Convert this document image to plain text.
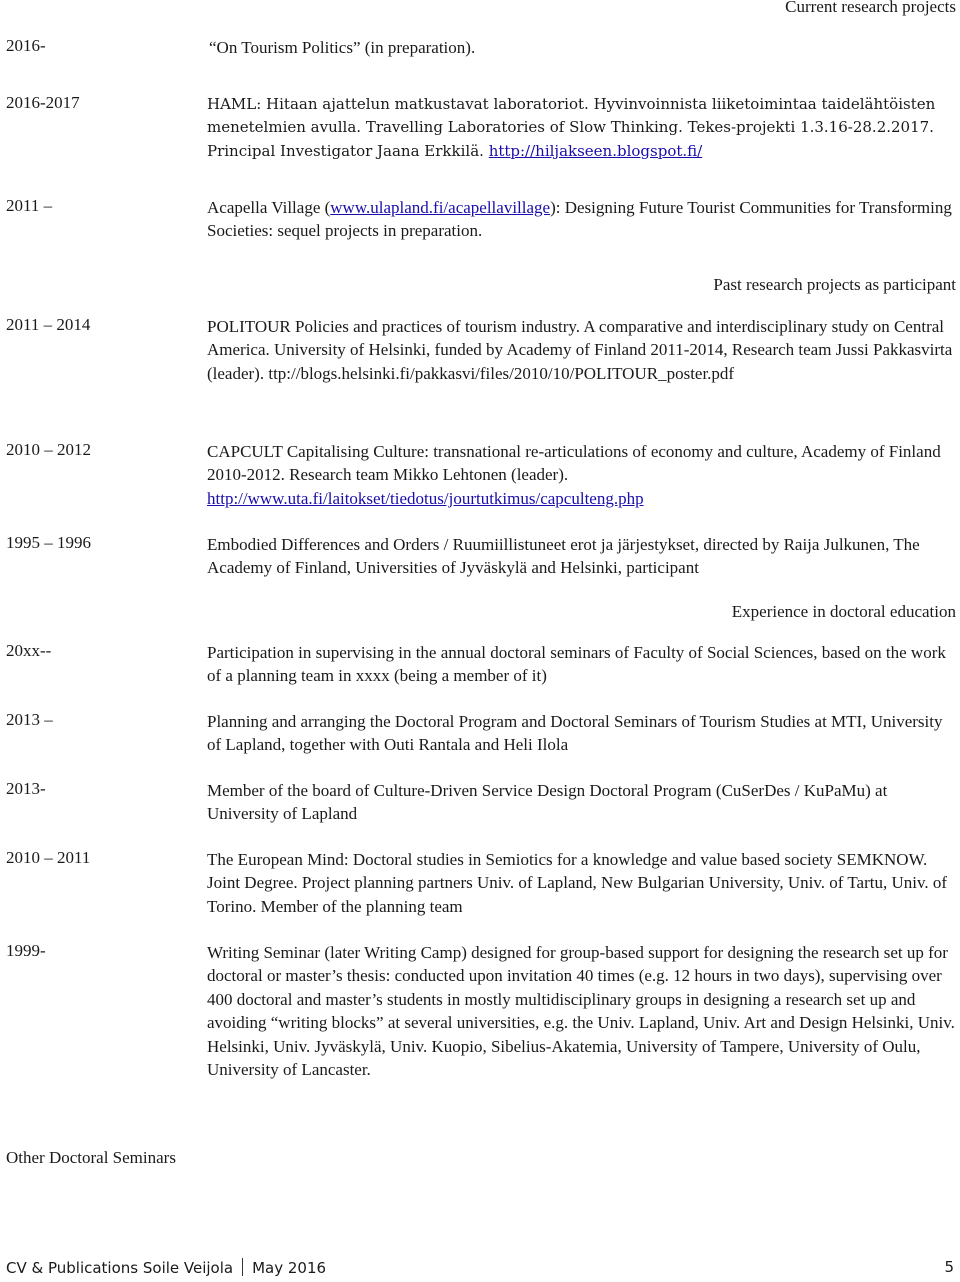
Current research projects
2016-	“On Tourism Politics” (in preparation).
2016-2017	HAML: Hitaan ajattelun matkustavat laboratoriot. Hyvinvoinnista liiketoimintaa taidelähtöisten menetelmien avulla. Travelling Laboratories of Slow Thinking. Tekes-projekti 1.3.16-28.2.2017. Principal Investigator Jaana Erkkilä. http://hiljakseen.blogspot.fi/
2011 –	Acapella Village (www.ulapland.fi/acapellavillage): Designing Future Tourist Communities for Transforming Societies: sequel projects in preparation.
Past research projects as participant
2011 – 2014	POLITOUR Policies and practices of tourism industry. A comparative and interdisciplinary study on Central America. University of Helsinki, funded by Academy of Finland 2011-2014, Research team Jussi Pakkasvirta (leader). ttp://blogs.helsinki.fi/pakkasvi/files/2010/10/POLITOUR_poster.pdf
2010 – 2012	CAPCULT Capitalising Culture: transnational re-articulations of economy and culture, Academy of Finland 2010-2012. Research team Mikko Lehtonen (leader). http://www.uta.fi/laitokset/tiedotus/jourtutkimus/capculteng.php
1995 – 1996	Embodied Differences and Orders / Ruumiillistuneet erot ja järjestykset, directed by Raija Julkunen, The Academy of Finland, Universities of Jyväskylä and Helsinki, participant
Experience in doctoral education
20xx--	Participation in supervising in the annual doctoral seminars of Faculty of Social Sciences, based on the work of a planning team in xxxx (being a member of it)
2013 –	Planning and arranging the Doctoral Program and Doctoral Seminars of Tourism Studies at MTI, University of Lapland, together with Outi Rantala and Heli Ilola
2013-	Member of the board of Culture-Driven Service Design Doctoral Program (CuSerDes / KuPaMu) at University of Lapland
2010 – 2011	The European Mind: Doctoral studies in Semiotics for a knowledge and value based society SEMKNOW. Joint Degree. Project planning partners Univ. of Lapland, New Bulgarian University, Univ. of Tartu, Univ. of Torino. Member of the planning team
1999-	Writing Seminar (later Writing Camp) designed for group-based support for designing the research set up for doctoral or master’s thesis: conducted upon invitation 40 times (e.g. 12 hours in two days), supervising over 400 doctoral and master’s students in mostly multidisciplinary groups in designing a research set up and avoiding “writing blocks” at several universities, e.g. the Univ. Lapland, Univ. Art and Design Helsinki, Univ. Helsinki, Univ. Jyväskylä, Univ. Kuopio, Sibelius-Akatemia, University of Tampere, University of Oulu, University of Lancaster.
Other Doctoral Seminars
CV & Publications Soile Veijola May 2016	5
